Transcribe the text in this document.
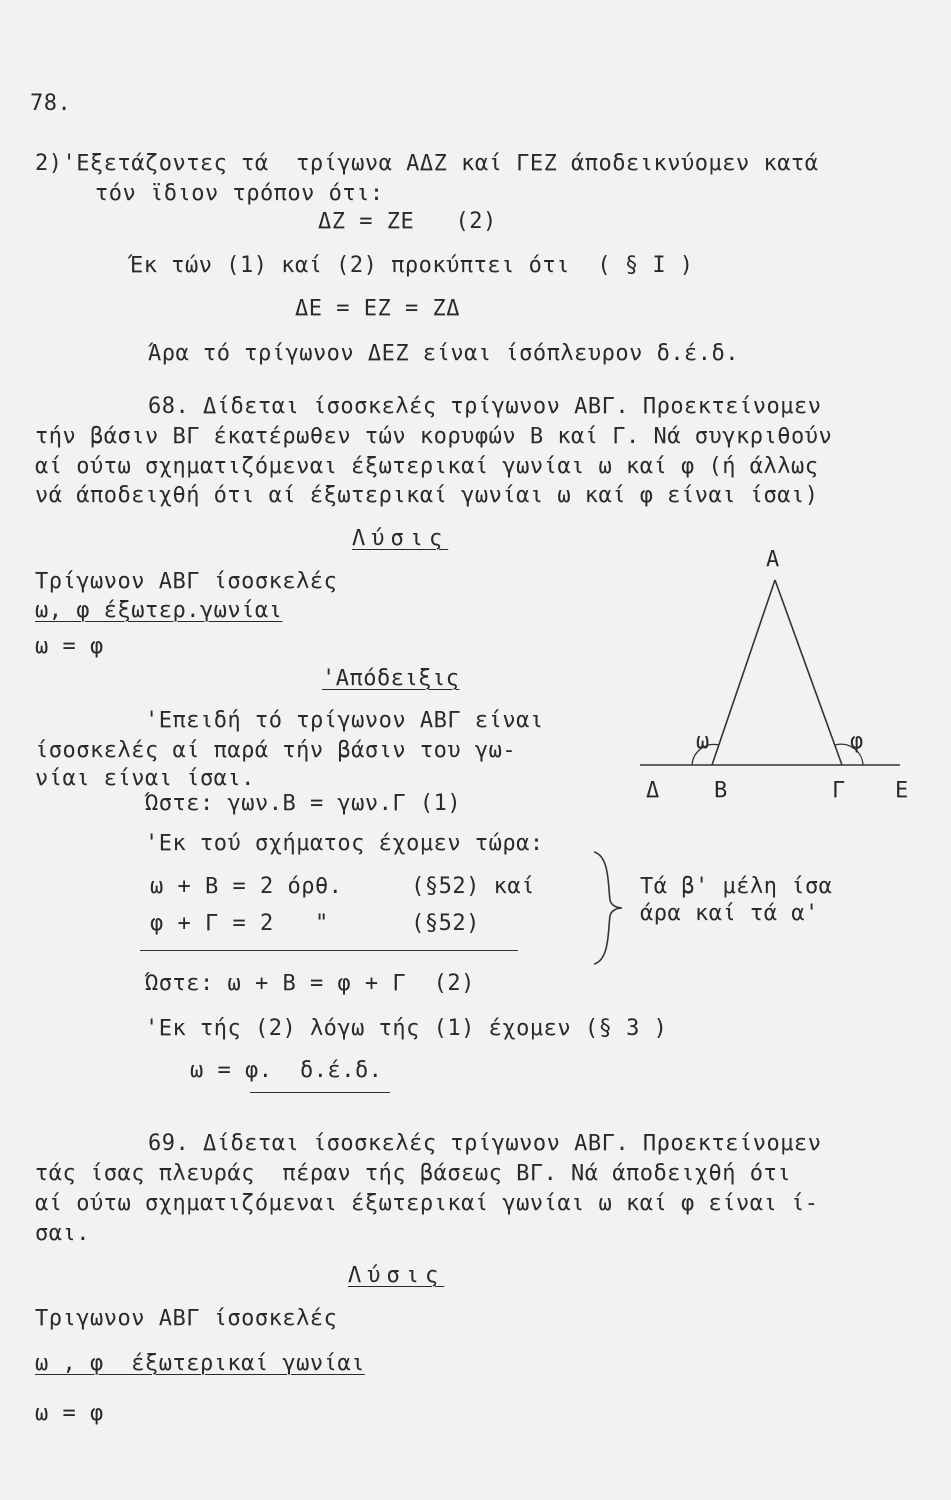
78.
2)'Εξετάζοντες τά  τρίγωνα ΑΔΖ καί ΓΕΖ άποδεικνύομεν κατά
τόν ϊδιον τρόπον ότι:
ΔΖ = ΖΕ   (2)
Έκ τών (1) καί (2) προκύπτει ότι  ( § I )
ΔΕ = ΕΖ = ΖΔ
Άρα τό τρίγωνον ΔΕΖ είναι ίσόπλευρον δ.έ.δ.
68. Δίδεται ίσοσκελές τρίγωνον ΑΒΓ. Προεκτείνομεν
τήν βάσιν ΒΓ έκατέρωθεν τών κορυφών Β καί Γ. Νά συγκριθούν
αί ούτω σχηματιζόμεναι έξωτερικαί γωνίαι ω καί φ (ή άλλως
νά άποδειχθή ότι αί έξωτερικαί γωνίαι ω καί φ είναι ίσαι)
Λύσις
Τρίγωνον ΑΒΓ ίσοσκελές
ω, φ έξωτερ.γωνίαι
ω = φ
'Απόδειξις
'Επειδή τό τρίγωνον ΑΒΓ είναι
ίσοσκελές αί παρά τήν βάσιν του γω-
νίαι είναι ίσαι.
Ώστε: γων.Β = γων.Γ (1)
'Εκ τού σχήματος έχομεν τώρα:
ω + Β = 2 όρθ.     (§52) καί
φ + Γ = 2   "      (§52)
Τά β' μέλη ίσα
άρα καί τά α'
Ώστε: ω + Β = φ + Γ  (2)
'Εκ τής (2) λόγω τής (1) έχομεν (§ 3 )
ω = φ.  δ.έ.δ.
Α
Δ Β	Γ Ε
ω	φ
69. Δίδεται ίσοσκελές τρίγωνον ΑΒΓ. Προεκτείνομεν
τάς ίσας πλευράς  πέραν τής βάσεως ΒΓ. Νά άποδειχθή ότι
αί ούτω σχηματιζόμεναι έξωτερικαί γωνίαι ω καί φ είναι ί-
σαι.
Λύσις
Τριγωνον ΑΒΓ ίσοσκελές
ω , φ  έξωτερικαί γωνίαι
ω = φ
